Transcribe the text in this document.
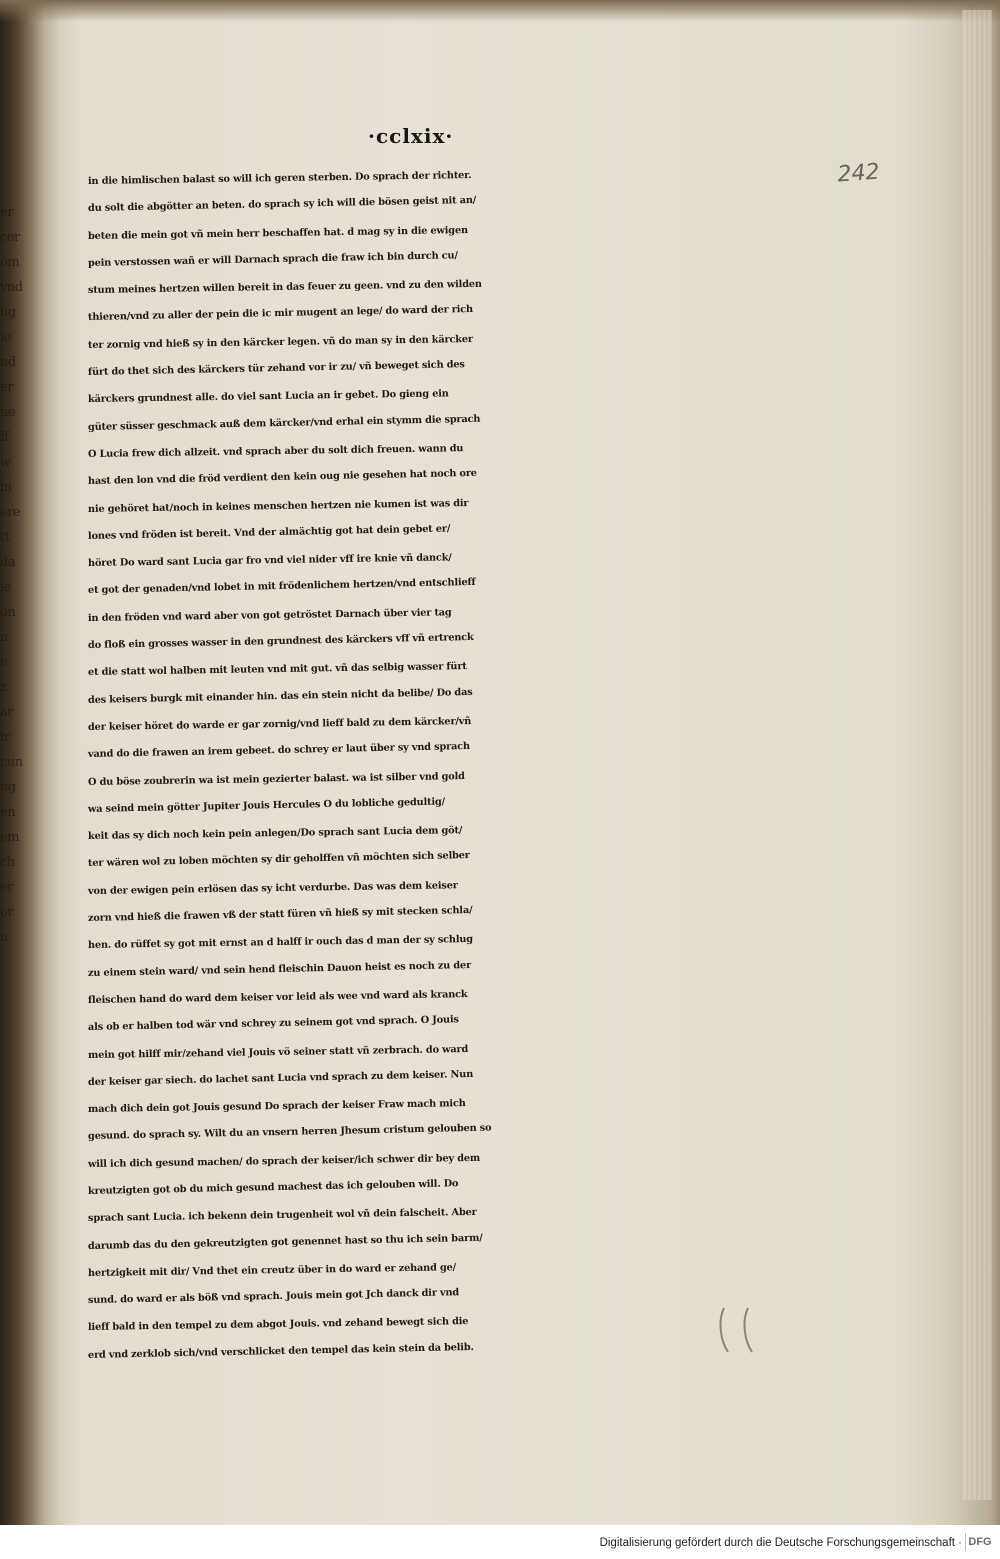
er
cer
om
vnd
ug
ie
nd
er
ne
ff
w
in
ere
tt
da
ie
on
n
e
z
ar
ir
cun
ng
en
em
ch
er
or
n
·cclxix·
242
in die himlischen balast so will ich geren sterben. Do sprach der richter.
du solt die abgötter an beten. do sprach sy ich will die bösen geist nit an/
beten die mein got vñ mein herr beschaffen hat. d mag sy in die ewigen
pein verstossen wañ er will Darnach sprach die fraw ich bin durch cu/
stum meines hertzen willen bereit in das feuer zu geen. vnd zu den wilden
thieren/vnd zu aller der pein die ic mir mugent an lege/ do ward der rich
ter zornig vnd hieß sy in den kärcker legen. vñ do man sy in den kärcker
fürt do thet sich des kärckers tür zehand vor ir zu/ vñ beweget sich des
kärckers grundnest alle. do viel sant Lucia an ir gebet. Do gieng ein
güter süsser geschmack auß dem kärcker/vnd erhal ein stymm die sprach
O Lucia frew dich allzeit. vnd sprach aber du solt dich freuen. wann du
hast den lon vnd die fröd verdient den kein oug nie gesehen hat noch ore
nie gehöret hat/noch in keines menschen hertzen nie kumen ist was dir
lones vnd fröden ist bereit. Vnd der almächtig got hat dein gebet er/
höret Do ward sant Lucia gar fro vnd viel nider vff ire knie vñ danck/
et got der genaden/vnd lobet in mit frödenlichem hertzen/vnd entschlieff
in den fröden vnd ward aber von got getröstet Darnach über vier tag
do floß ein grosses wasser in den grundnest des kärckers vff vñ ertrenck
et die statt wol halben mit leuten vnd mit gut. vñ das selbig wasser fürt
des keisers burgk mit einander hin. das ein stein nicht da belibe/ Do das
der keiser höret do warde er gar zornig/vnd lieff bald zu dem kärcker/vñ
vand do die frawen an irem gebeet. do schrey er laut über sy vnd sprach
O du böse zoubrerin wa ist mein gezierter balast. wa ist silber vnd gold
wa seind mein götter Jupiter Jouis Hercules O du lobliche gedultig/
keit das sy dich noch kein pein anlegen/Do sprach sant Lucia dem göt/
ter wären wol zu loben möchten sy dir geholffen vñ möchten sich selber
von der ewigen pein erlösen das sy icht verdurbe. Das was dem keiser
zorn vnd hieß die frawen vß der statt füren vñ hieß sy mit stecken schla/
hen. do rüffet sy got mit ernst an d halff ir ouch das d man der sy schlug
zu einem stein ward/ vnd sein hend fleischin Dauon heist es noch zu der
fleischen hand do ward dem keiser vor leid als wee vnd ward als kranck
als ob er halben tod wär vnd schrey zu seinem got vnd sprach. O Jouis
mein got hilff mir/zehand viel Jouis vö seiner statt vñ zerbrach. do ward
der keiser gar siech. do lachet sant Lucia vnd sprach zu dem keiser. Nun
mach dich dein got Jouis gesund Do sprach der keiser Fraw mach mich
gesund. do sprach sy. Wilt du an vnsern herren Jhesum cristum gelouben so
will ich dich gesund machen/ do sprach der keiser/ich schwer dir bey dem
kreutzigten got ob du mich gesund machest das ich gelouben will. Do
sprach sant Lucia. ich bekenn dein trugenheit wol vñ dein falscheit. Aber
darumb das du den gekreutzigten got genennet hast so thu ich sein barm/
hertzigkeit mit dir/ Vnd thet ein creutz über in do ward er zehand ge/
sund. do ward er als böß vnd sprach. Jouis mein got Jch danck dir vnd
lieff bald in den tempel zu dem abgot Jouis. vnd zehand bewegt sich die
erd vnd zerklob sich/vnd verschlicket den tempel das kein stein da belib.
Digitalisierung gefördert durch die Deutsche Forschungsgemeinschaft · DFG
